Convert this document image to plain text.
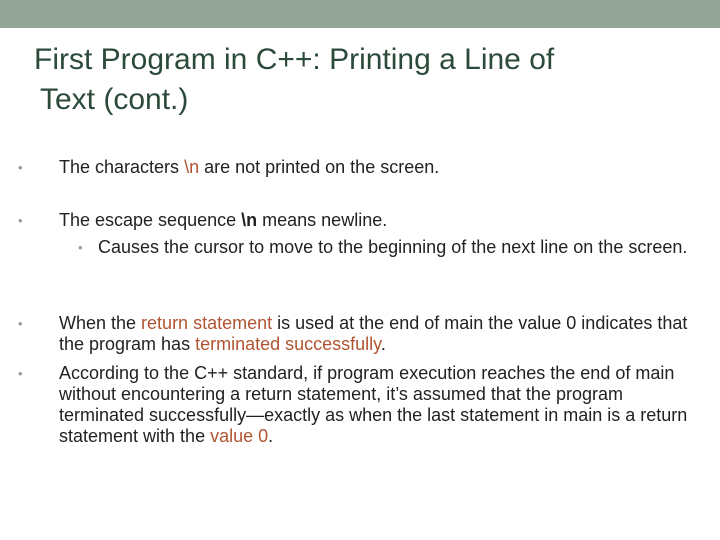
First Program in C++: Printing a Line of
Text (cont.)
•	The characters \n are not printed on the screen.
•	The escape sequence \n means newline.
• Causes the cursor to move to the beginning of the next line on the screen.
•	When the return statement is used at the end of main the value 0 indicates that the program has terminated successfully.
•	According to the C++ standard, if program execution reaches the end of main without encountering a return statement, it’s assumed that the program terminated successfully—exactly as when the last statement in main is a return statement with the value 0.
